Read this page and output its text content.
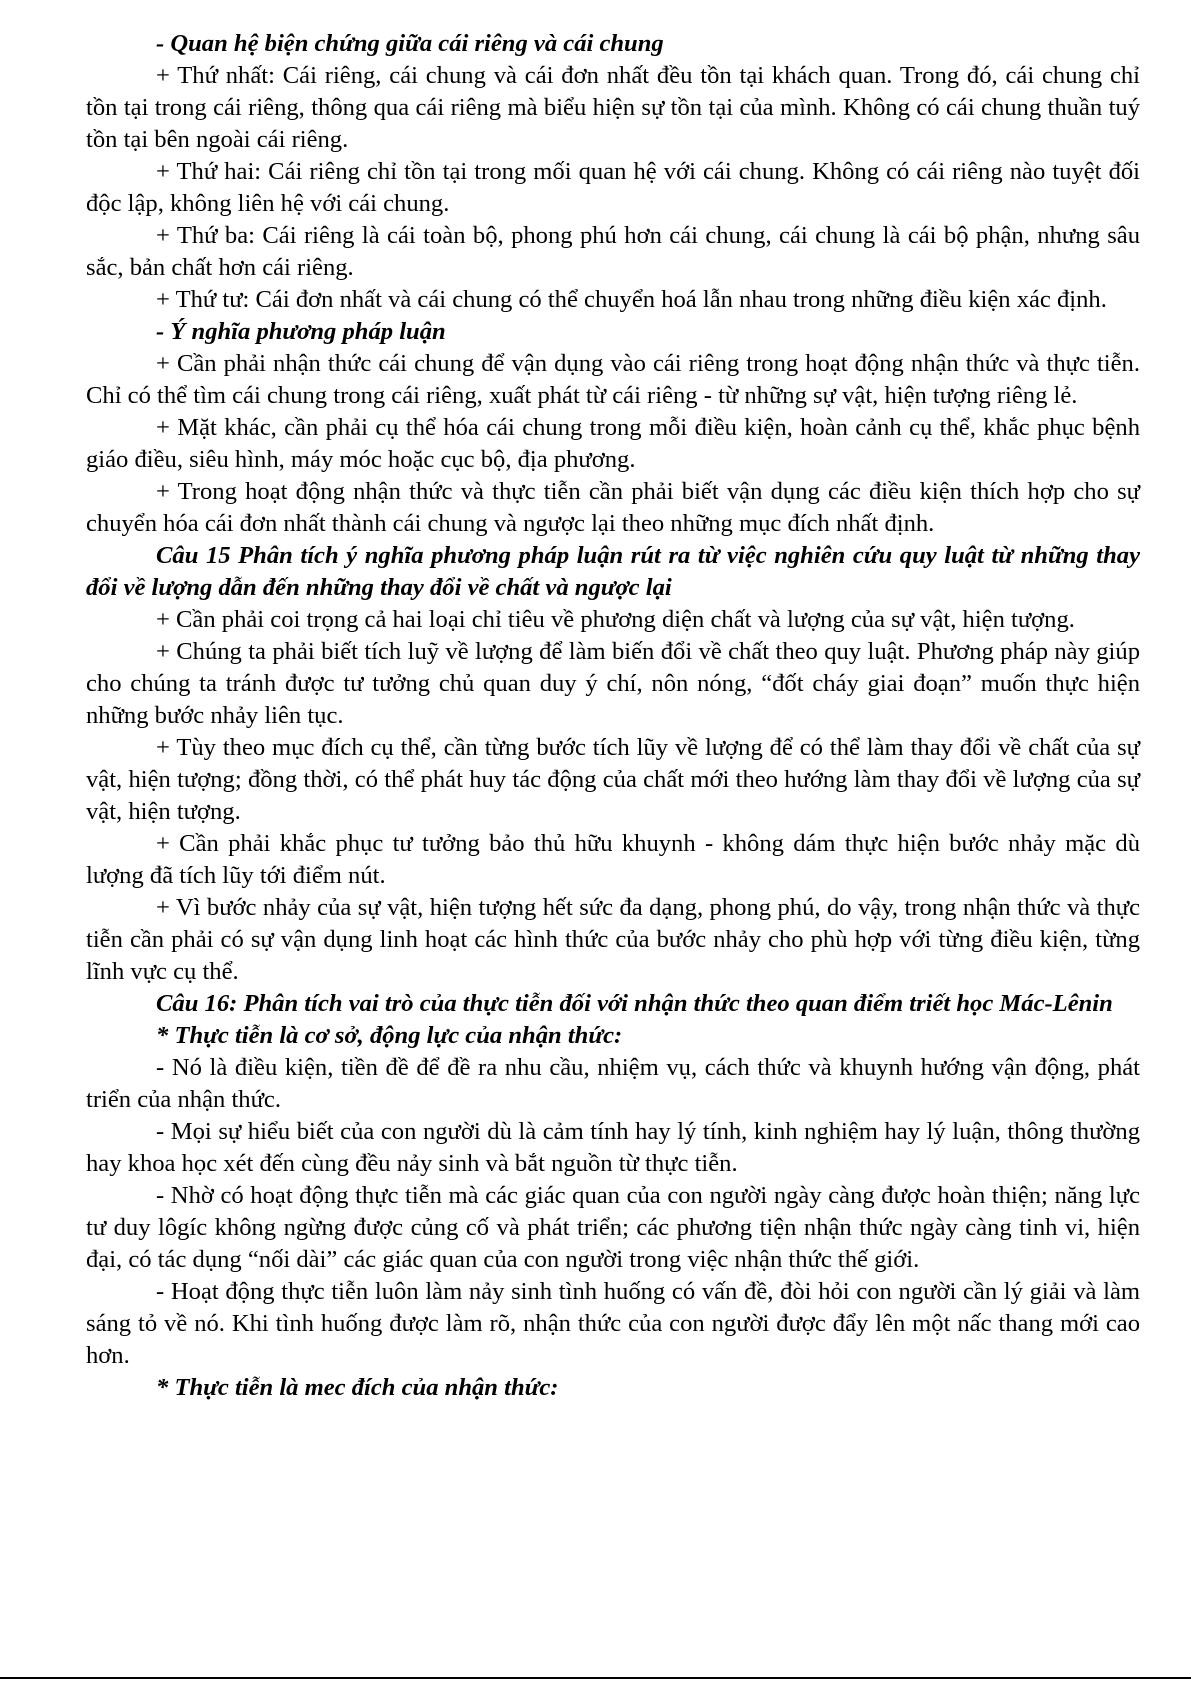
- Quan hệ biện chứng giữa cái riêng và cái chung

+ Thứ nhất: Cái riêng, cái chung và cái đơn nhất đều tồn tại khách quan. Trong đó, cái chung chỉ tồn tại trong cái riêng, thông qua cái riêng mà biểu hiện sự tồn tại của mình. Không có cái chung thuần tuý tồn tại bên ngoài cái riêng.

+ Thứ hai: Cái riêng chỉ tồn tại trong mối quan hệ với cái chung. Không có cái riêng nào tuyệt đối độc lập, không liên hệ với cái chung.

+ Thứ ba: Cái riêng là cái toàn bộ, phong phú hơn cái chung, cái chung là cái bộ phận, nhưng sâu sắc, bản chất hơn cái riêng.

+ Thứ tư: Cái đơn nhất và cái chung có thể chuyển hoá lẫn nhau trong những điều kiện xác định.

- Ý nghĩa phương pháp luận

+ Cần phải nhận thức cái chung để vận dụng vào cái riêng trong hoạt động nhận thức và thực tiễn. Chỉ có thể tìm cái chung trong cái riêng, xuất phát từ cái riêng - từ những sự vật, hiện tượng riêng lẻ.

+ Mặt khác, cần phải cụ thể hóa cái chung trong mỗi điều kiện, hoàn cảnh cụ thể, khắc phục bệnh giáo điều, siêu hình, máy móc hoặc cục bộ, địa phương.

+ Trong hoạt động nhận thức và thực tiễn cần phải biết vận dụng các điều kiện thích hợp cho sự chuyển hóa cái đơn nhất thành cái chung và ngược lại theo những mục đích nhất định.

Câu 15 Phân tích ý nghĩa phương pháp luận rút ra từ việc nghiên cứu quy luật từ những thay đổi về lượng dẫn đến những thay đổi về chất và ngược lại

+ Cần phải coi trọng cả hai loại chỉ tiêu về phương diện chất và lượng của sự vật, hiện tượng.

+ Chúng ta phải biết tích luỹ về lượng để làm biến đổi về chất theo quy luật. Phương pháp này giúp cho chúng ta tránh được tư tưởng chủ quan duy ý chí, nôn nóng, “đốt cháy giai đoạn” muốn thực hiện những bước nhảy liên tục.

+ Tùy theo mục đích cụ thể, cần từng bước tích lũy về lượng để có thể làm thay đổi về chất của sự vật, hiện tượng; đồng thời, có thể phát huy tác động của chất mới theo hướng làm thay đổi về lượng của sự vật, hiện tượng.

+ Cần phải khắc phục tư tưởng bảo thủ hữu khuynh - không dám thực hiện bước nhảy mặc dù lượng đã tích lũy tới điểm nút.

+ Vì bước nhảy của sự vật, hiện tượng hết sức đa dạng, phong phú, do vậy, trong nhận thức và thực tiễn cần phải có sự vận dụng linh hoạt các hình thức của bước nhảy cho phù hợp với từng điều kiện, từng lĩnh vực cụ thể.

Câu 16: Phân tích vai trò của thực tiễn đối với nhận thức theo quan điểm triết học Mác-Lênin

* Thực tiễn là cơ sở, động lực của nhận thức:

- Nó là điều kiện, tiền đề để đề ra nhu cầu, nhiệm vụ, cách thức và khuynh hướng vận động, phát triển của nhận thức.

- Mọi sự hiểu biết của con người dù là cảm tính hay lý tính, kinh nghiệm hay lý luận, thông thường hay khoa học xét đến cùng đều nảy sinh và bắt nguồn từ thực tiễn.

- Nhờ có hoạt động thực tiễn mà các giác quan của con người ngày càng được hoàn thiện; năng lực tư duy lôgíc không ngừng được củng cố và phát triển; các phương tiện nhận thức ngày càng tinh vi, hiện đại, có tác dụng “nối dài” các giác quan của con người trong việc nhận thức thế giới.

- Hoạt động thực tiễn luôn làm nảy sinh tình huống có vấn đề, đòi hỏi con người cần lý giải và làm sáng tỏ về nó. Khi tình huống được làm rõ, nhận thức của con người được đẩy lên một nấc thang mới cao hơn.

* Thực tiễn là mec đích của nhận thức:
